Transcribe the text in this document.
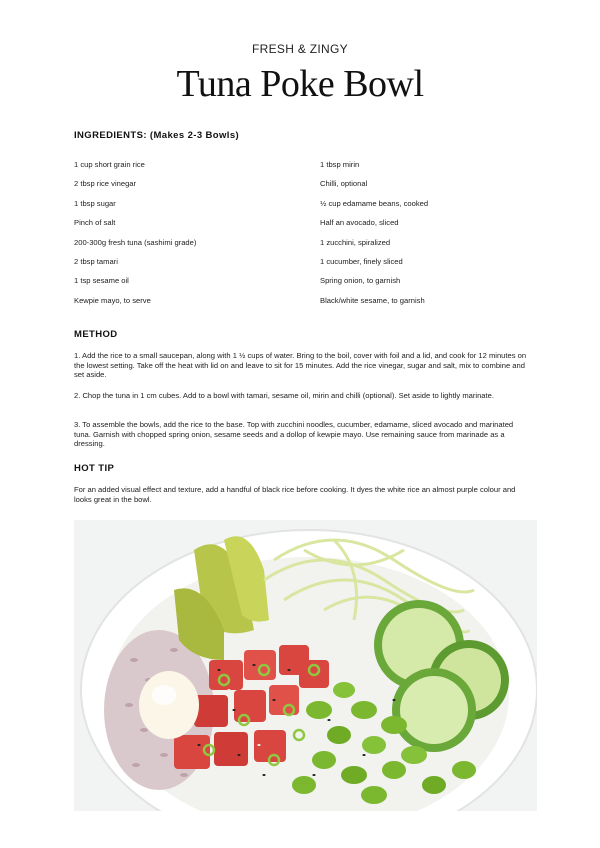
FRESH & ZINGY
Tuna Poke Bowl
INGREDIENTS: (Makes 2-3 Bowls)
1 cup short grain rice
2 tbsp rice vinegar
1 tbsp sugar
Pinch of salt
200-300g fresh tuna (sashimi grade)
2 tbsp tamari
1 tsp sesame oil
Kewpie mayo, to serve
1 tbsp mirin
Chilli, optional
½ cup edamame beans, cooked
Half an avocado, sliced
1 zucchini, spiralized
1 cucumber, finely sliced
Spring onion, to garnish
Black/white sesame, to garnish
METHOD

1. Add the rice to a small saucepan, along with 1 ½ cups of water. Bring to the boil, cover with foil and a lid, and cook for 12 minutes on the lowest setting. Take off the heat with lid on and leave to sit for 15 minutes. Add the rice vinegar, sugar and salt, mix to combine and set aside.

2. Chop the tuna in 1 cm cubes. Add to a bowl with tamari, sesame oil, mirin and chilli (optional). Set aside to lightly marinate.

3. To assemble the bowls, add the rice to the base. Top with zucchini noodles, cucumber, edamame, sliced avocado and marinated tuna. Garnish with chopped spring onion, sesame seeds and a dollop of kewpie mayo. Use remaining sauce from marinade as a dressing.

HOT TIP

For an added visual effect and texture, add a handful of black rice before cooking. It dyes the white rice an almost purple colour and looks great in the bowl.
